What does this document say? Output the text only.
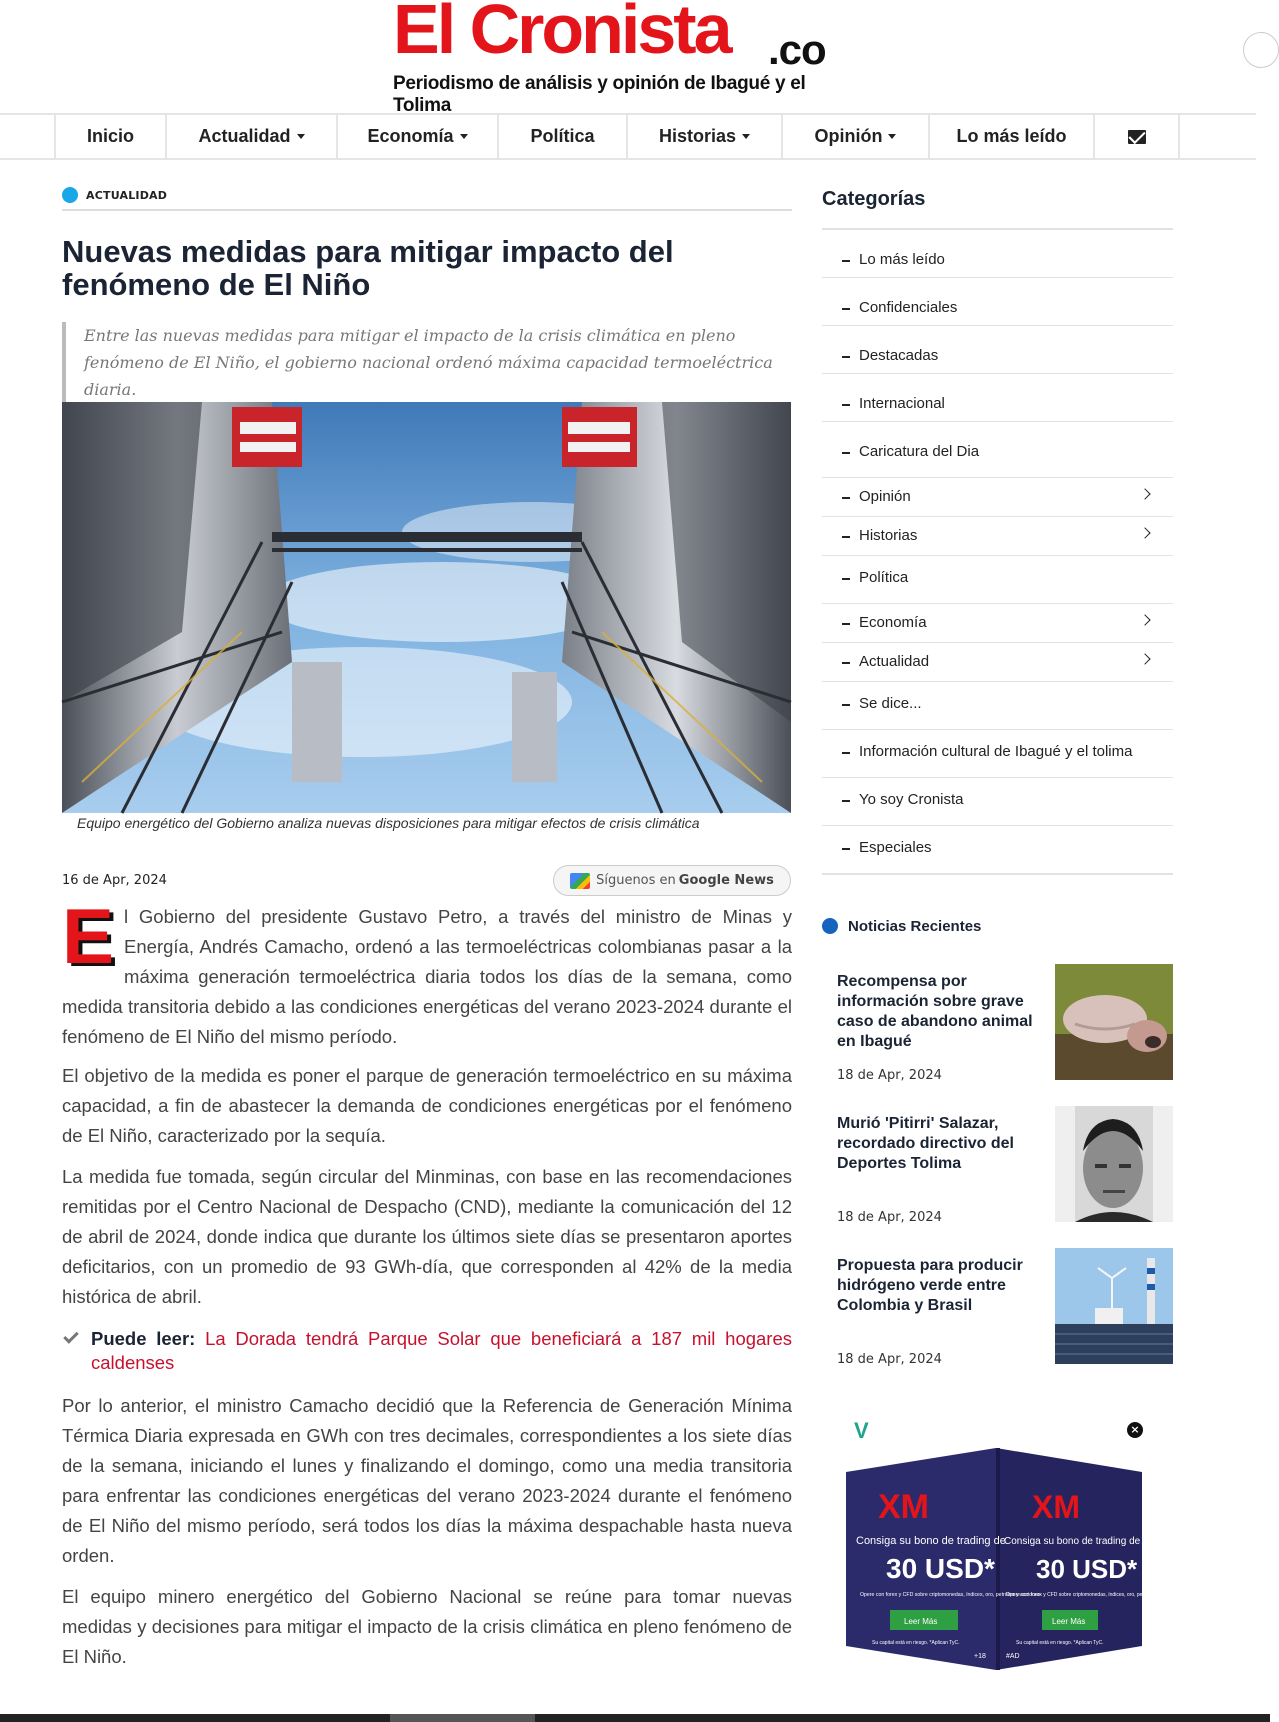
El Cronista .co
Periodismo de análisis y opinión de Ibagué y el Tolima
Inicio	Actualidad	Economía	Política	Historias	Opinión	Lo más leído
ACTUALIDAD
Nuevas medidas para mitigar impacto del fenómeno de El Niño
Entre las nuevas medidas para mitigar el impacto de la crisis climática en pleno fenómeno de El Niño, el gobierno nacional ordenó máxima capacidad termoeléctrica diaria.
Equipo energético del Gobierno analiza nuevas disposiciones para mitigar efectos de crisis climática
16 de Apr, 2024	Síguenos en Google News
E l Gobierno del presidente Gustavo Petro, a través del ministro de Minas y Energía, Andrés Camacho, ordenó a las termoeléctricas colombianas pasar a la máxima generación termoeléctrica diaria todos los días de la semana, como medida transitoria debido a las condiciones energéticas del verano 2023-2024 durante el fenómeno de El Niño del mismo período.
El objetivo de la medida es poner el parque de generación termoeléctrico en su máxima capacidad, a fin de abastecer la demanda de condiciones energéticas por el fenómeno de El Niño, caracterizado por la sequía.
La medida fue tomada, según circular del Minminas, con base en las recomendaciones remitidas por el Centro Nacional de Despacho (CND), mediante la comunicación del 12 de abril de 2024, donde indica que durante los últimos siete días se presentaron aportes deficitarios, con un promedio de 93 GWh-día, que corresponden al 42% de la media histórica de abril.
Puede leer: La Dorada tendrá Parque Solar que beneficiará a 187 mil hogares caldenses
Por lo anterior, el ministro Camacho decidió que la Referencia de Generación Mínima Térmica Diaria expresada en GWh con tres decimales, correspondientes a los siete días de la semana, iniciando el lunes y finalizando el domingo, como una media transitoria para enfrentar las condiciones energéticas del verano 2023-2024 durante el fenómeno de El Niño del mismo período, será todos los días la máxima despachable hasta nueva orden.
El equipo minero energético del Gobierno Nacional se reúne para tomar nuevas medidas y decisiones para mitigar el impacto de la crisis climática en pleno fenómeno de El Niño.
Categorías
Lo más leído
Confidenciales
Destacadas
Internacional
Caricatura del Dia
Opinión
Historias
Política
Economía
Actualidad
Se dice...
Información cultural de Ibagué y el tolima
Yo soy Cronista
Especiales
Noticias Recientes
Recompensa por información sobre grave caso de abandono animal en Ibagué
18 de Apr, 2024
Murió 'Pitirri' Salazar, recordado directivo del Deportes Tolima
18 de Apr, 2024
Propuesta para producir hidrógeno verde entre Colombia y Brasil
18 de Apr, 2024
V	×
XM
Consiga su bono de trading de
30 USD*
Opere con forex y CFD sobre criptomonedas, índices, oro, petróleo y acciones
Leer Más
Su capital está en riesgo. *Aplican TyC.
#AD	+18
XM
Consiga su bono de trading de
30 USD*
Opere con forex y CFD sobre criptomonedas, índices, oro, petróleo y acciones
Leer Más
Su capital está en riesgo. *Aplican TyC.
#AD	+18
